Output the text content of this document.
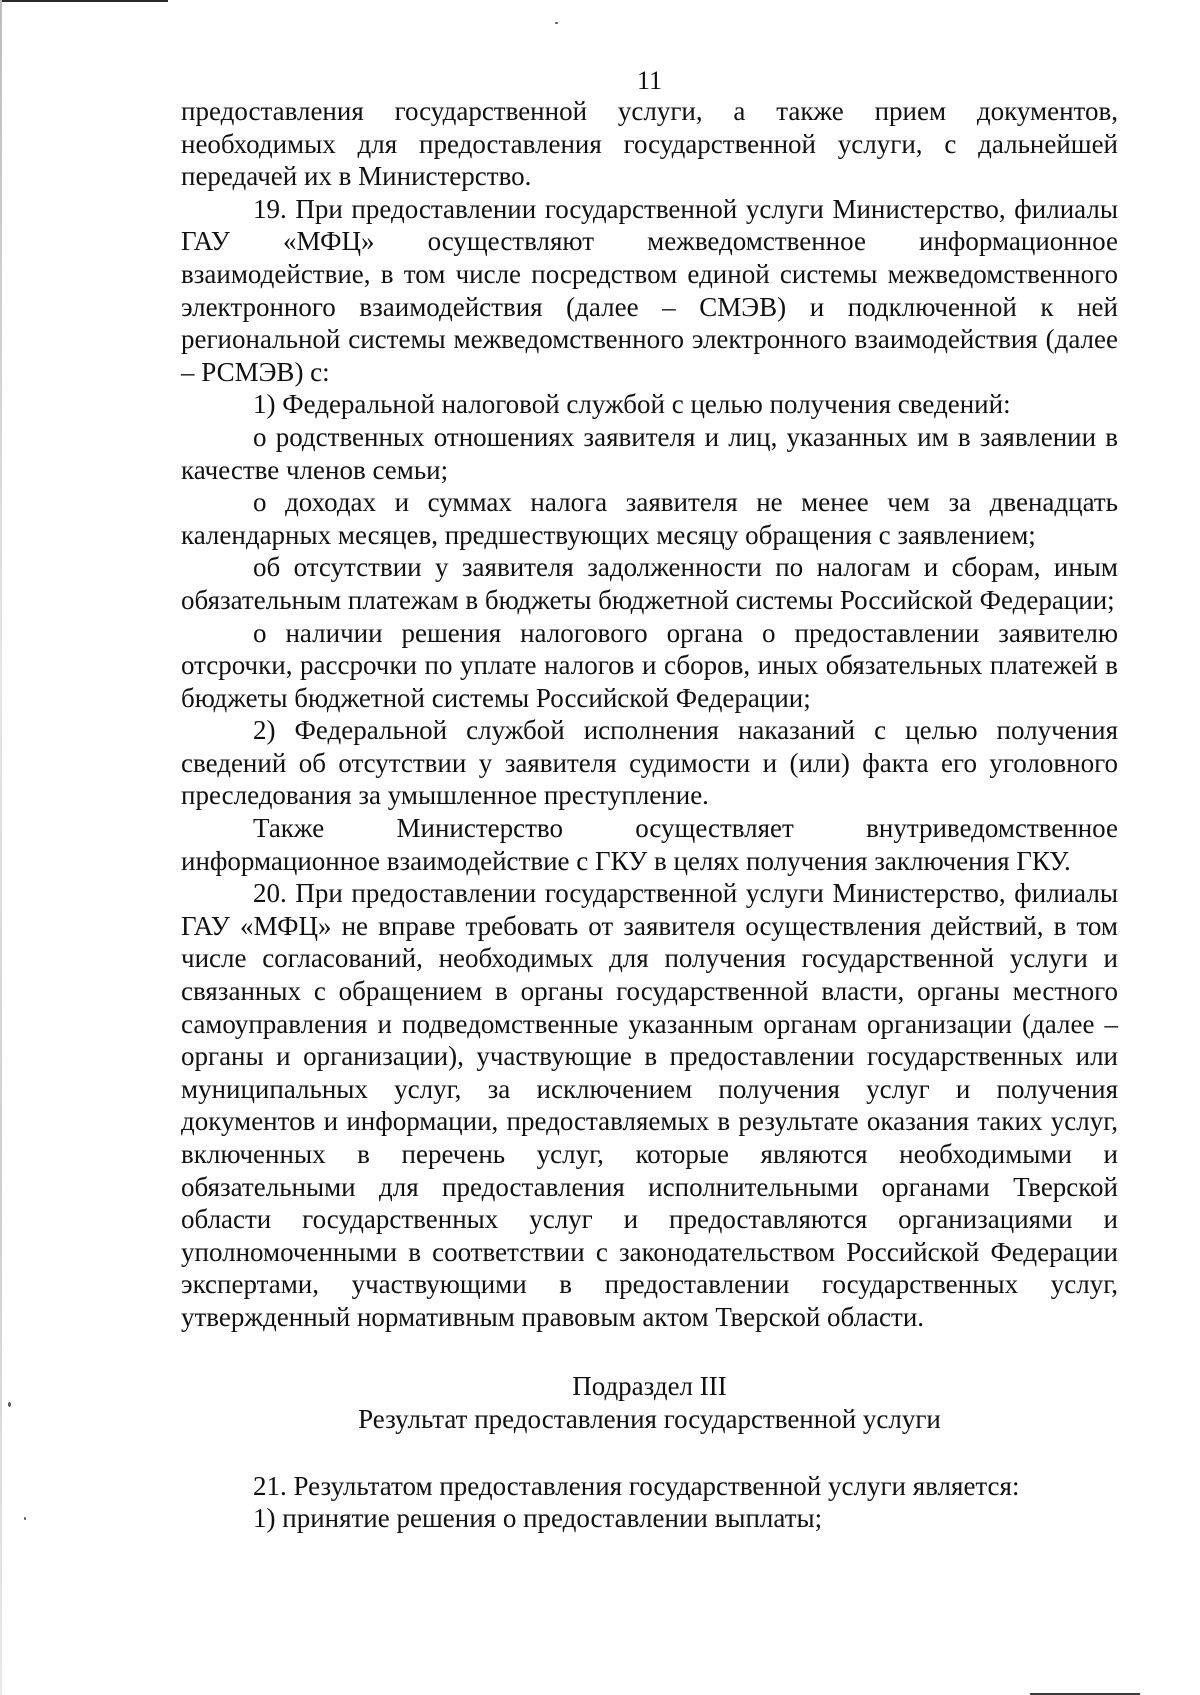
11

предоставления государственной услуги, а также прием документов, необходимых для предоставления государственной услуги, с дальнейшей передачей их в Министерство.

19. При предоставлении государственной услуги Министерство, филиалы ГАУ «МФЦ» осуществляют межведомственное информационное взаимодействие, в том числе посредством единой системы межведомственного электронного взаимодействия (далее – СМЭВ) и подключенной к ней региональной системы межведомственного электронного взаимодействия (далее – РСМЭВ) с:

1) Федеральной налоговой службой с целью получения сведений:

о родственных отношениях заявителя и лиц, указанных им в заявлении в качестве членов семьи;

о доходах и суммах налога заявителя не менее чем за двенадцать календарных месяцев, предшествующих месяцу обращения с заявлением;

об отсутствии у заявителя задолженности по налогам и сборам, иным обязательным платежам в бюджеты бюджетной системы Российской Федерации;

о наличии решения налогового органа о предоставлении заявителю отсрочки, рассрочки по уплате налогов и сборов, иных обязательных платежей в бюджеты бюджетной системы Российской Федерации;

2) Федеральной службой исполнения наказаний с целью получения сведений об отсутствии у заявителя судимости и (или) факта его уголовного преследования за умышленное преступление.

Также Министерство осуществляет внутриведомственное информационное взаимодействие с ГКУ в целях получения заключения ГКУ.

20. При предоставлении государственной услуги Министерство, филиалы ГАУ «МФЦ» не вправе требовать от заявителя осуществления действий, в том числе согласований, необходимых для получения государственной услуги и связанных с обращением в органы государственной власти, органы местного самоуправления и подведомственные указанным органам организации (далее – органы и организации), участвующие в предоставлении государственных или муниципальных услуг, за исключением получения услуг и получения документов и информации, предоставляемых в результате оказания таких услуг, включенных в перечень услуг, которые являются необходимыми и обязательными для предоставления исполнительными органами Тверской области государственных услуг и предоставляются организациями и уполномоченными в соответствии с законодательством Российской Федерации экспертами, участвующими в предоставлении государственных услуг, утвержденный нормативным правовым актом Тверской области.

Подраздел III
Результат предоставления государственной услуги

21. Результатом предоставления государственной услуги является:

1) принятие решения о предоставлении выплаты;
